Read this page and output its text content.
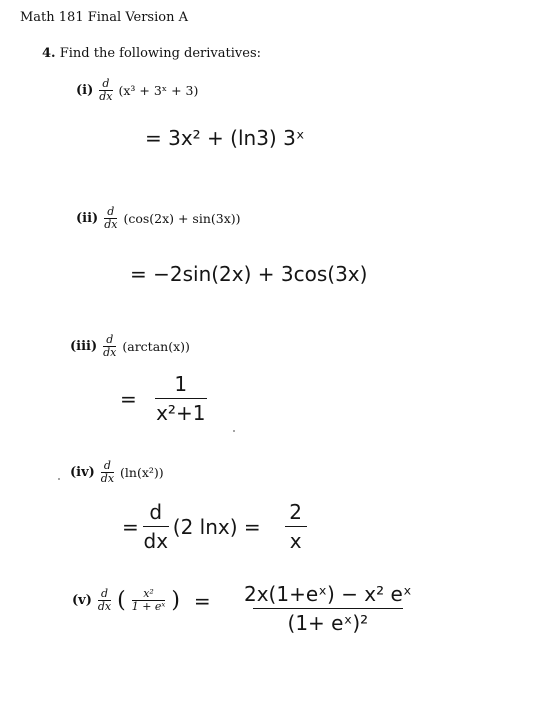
Math 181 Final Version A
4. Find the following derivatives:
$(i) \frac{d}{dx} (x^3$ + 3ˣ + 3)
= 3x² + (ln3) 3ˣ
$(ii) \frac{d}{dx} (\cos(2x) + \sin(3x))$
= −2sin(2x) + 3cos(3x)
$(iii) \frac{d}{dx} (\arctan(x))$
=
1
x²+1
$(iv) \frac{d}{dx} (\ln(x^2))$
=
d
dx
(2 lnx) =
2
x
$(v) \frac{d}{dx}$ ( $\frac{\text{x²}}{\text{1 + eˣ}}$ ) = $\frac{\text{2x(1+eˣ) − x² eˣ}}{\text{(1+ eˣ)²}}$
